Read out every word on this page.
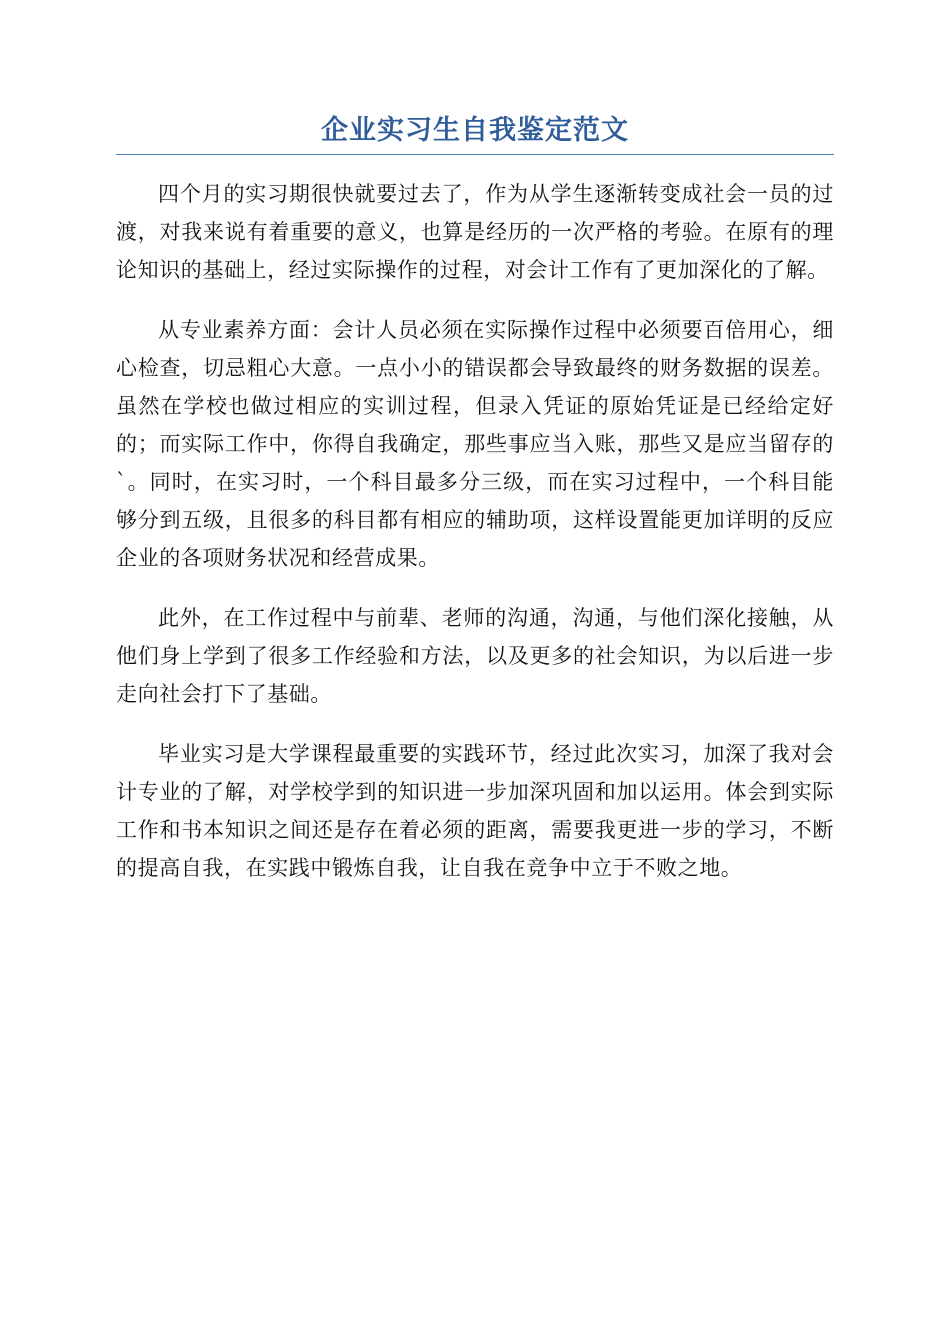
企业实习生自我鉴定范文

四个月的实习期很快就要过去了，作为从学生逐渐转变成社会一员的过渡，对我来说有着重要的意义，也算是经历的一次严格的考验。在原有的理论知识的基础上，经过实际操作的过程，对会计工作有了更加深化的了解。

从专业素养方面：会计人员必须在实际操作过程中必须要百倍用心，细心检查，切忌粗心大意。一点小小的错误都会导致最终的财务数据的误差。虽然在学校也做过相应的实训过程，但录入凭证的原始凭证是已经给定好的；而实际工作中，你得自我确定，那些事应当入账，那些又是应当留存的`。同时，在实习时，一个科目最多分三级，而在实习过程中，一个科目能够分到五级，且很多的科目都有相应的辅助项，这样设置能更加详明的反应企业的各项财务状况和经营成果。

此外，在工作过程中与前辈、老师的沟通，沟通，与他们深化接触，从他们身上学到了很多工作经验和方法，以及更多的社会知识，为以后进一步走向社会打下了基础。

毕业实习是大学课程最重要的实践环节，经过此次实习，加深了我对会计专业的了解，对学校学到的知识进一步加深巩固和加以运用。体会到实际工作和书本知识之间还是存在着必须的距离，需要我更进一步的学习，不断的提高自我，在实践中锻炼自我，让自我在竞争中立于不败之地。
